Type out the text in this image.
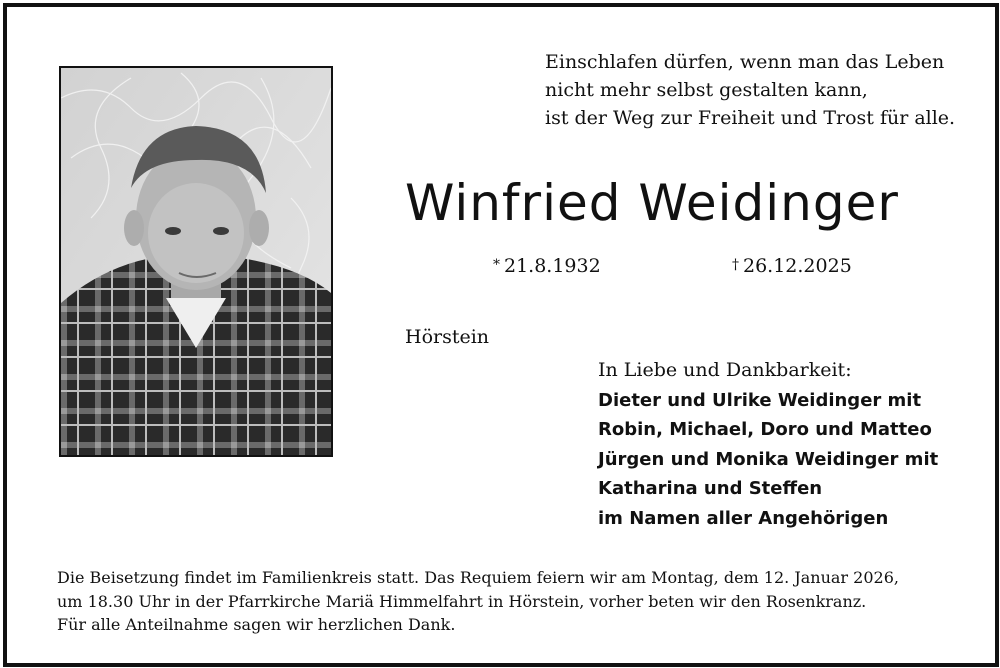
Einschlafen dürfen, wenn man das Leben
nicht mehr selbst gestalten kann,
ist der Weg zur Freiheit und Trost für alle.

Winfried Weidinger
* 21.8.1932	† 26.12.2025
Hörstein
In Liebe und Dankbarkeit:
Dieter und Ulrike Weidinger mit
Robin, Michael, Doro und Matteo
Jürgen und Monika Weidinger mit
Katharina und Steffen
im Namen aller Angehörigen
Die Beisetzung findet im Familienkreis statt. Das Requiem feiern wir am Montag, dem 12. Januar 2026,
um 18.30 Uhr in der Pfarrkirche Mariä Himmelfahrt in Hörstein, vorher beten wir den Rosenkranz.
Für alle Anteilnahme sagen wir herzlichen Dank.
